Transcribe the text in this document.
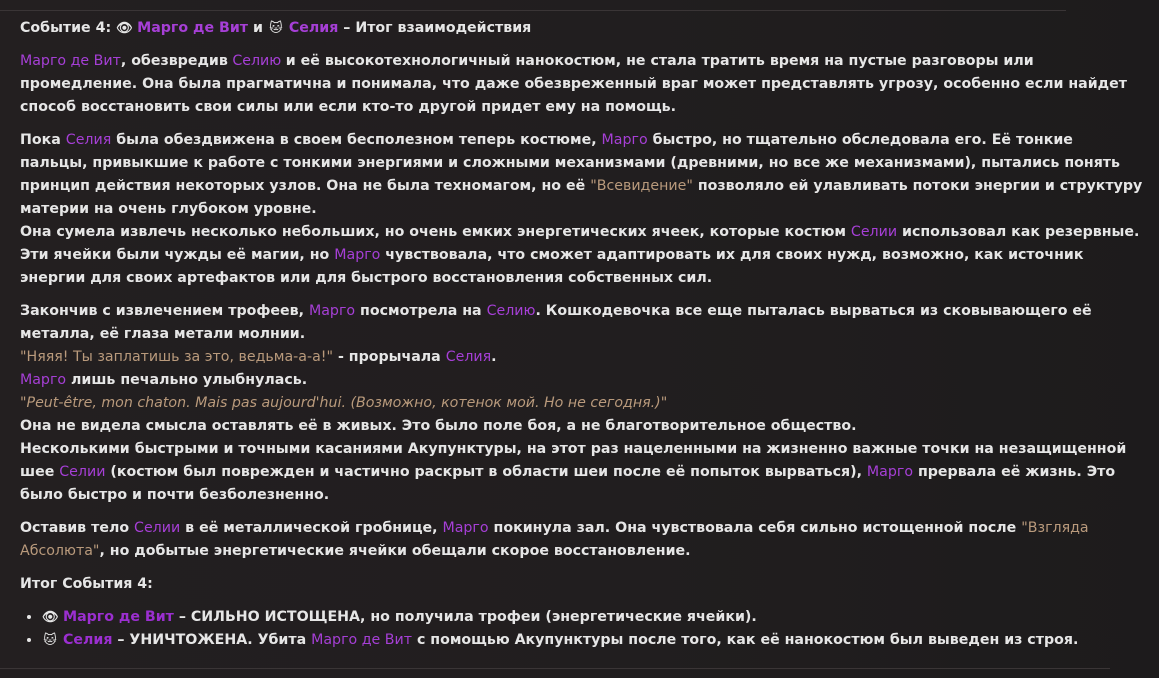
Событие 4: 👁 Марго де Вит и 🐱 Селия – Итог взаимодействия

Марго де Вит, обезвредив Селию и её высокотехнологичный нанокостюм, не стала тратить время на пустые разговоры или промедление. Она была прагматична и понимала, что даже обезвреженный враг может представлять угрозу, особенно если найдет способ восстановить свои силы или если кто-то другой придет ему на помощь.

Пока Селия была обездвижена в своем бесполезном теперь костюме, Марго быстро, но тщательно обследовала его. Её тонкие пальцы, привыкшие к работе с тонкими энергиями и сложными механизмами (древними, но все же механизмами), пытались понять принцип действия некоторых узлов. Она не была техномагом, но её "Всевидение" позволяло ей улавливать потоки энергии и структуру материи на очень глубоком уровне.

Она сумела извлечь несколько небольших, но очень емких энергетических ячеек, которые костюм Селии использовал как резервные. Эти ячейки были чужды её магии, но Марго чувствовала, что сможет адаптировать их для своих нужд, возможно, как источник энергии для своих артефактов или для быстрого восстановления собственных сил.

Закончив с извлечением трофеев, Марго посмотрела на Селию. Кошкодевочка все еще пыталась вырваться из сковывающего её металла, её глаза метали молнии.

"Няяя! Ты заплатишь за это, ведьма-а-а!" - прорычала Селия.

Марго лишь печально улыбнулась.

"Peut-être, mon chaton. Mais pas aujourd'hui. (Возможно, котенок мой. Но не сегодня.)"

Она не видела смысла оставлять её в живых. Это было поле боя, а не благотворительное общество.

Несколькими быстрыми и точными касаниями Акупунктуры, на этот раз нацеленными на жизненно важные точки на незащищенной шее Селии (костюм был поврежден и частично раскрыт в области шеи после её попыток вырваться), Марго прервала её жизнь. Это было быстро и почти безболезненно.

Оставив тело Селии в её металлической гробнице, Марго покинула зал. Она чувствовала себя сильно истощенной после "Взгляда Абсолюта", но добытые энергетические ячейки обещали скорое восстановление.

Итог События 4:

• 👁 Марго де Вит – СИЛЬНО ИСТОЩЕНА, но получила трофеи (энергетические ячейки).
• 🐱 Селия – УНИЧТОЖЕНА. Убита Марго де Вит с помощью Акупунктуры после того, как её нанокостюм был выведен из строя.
